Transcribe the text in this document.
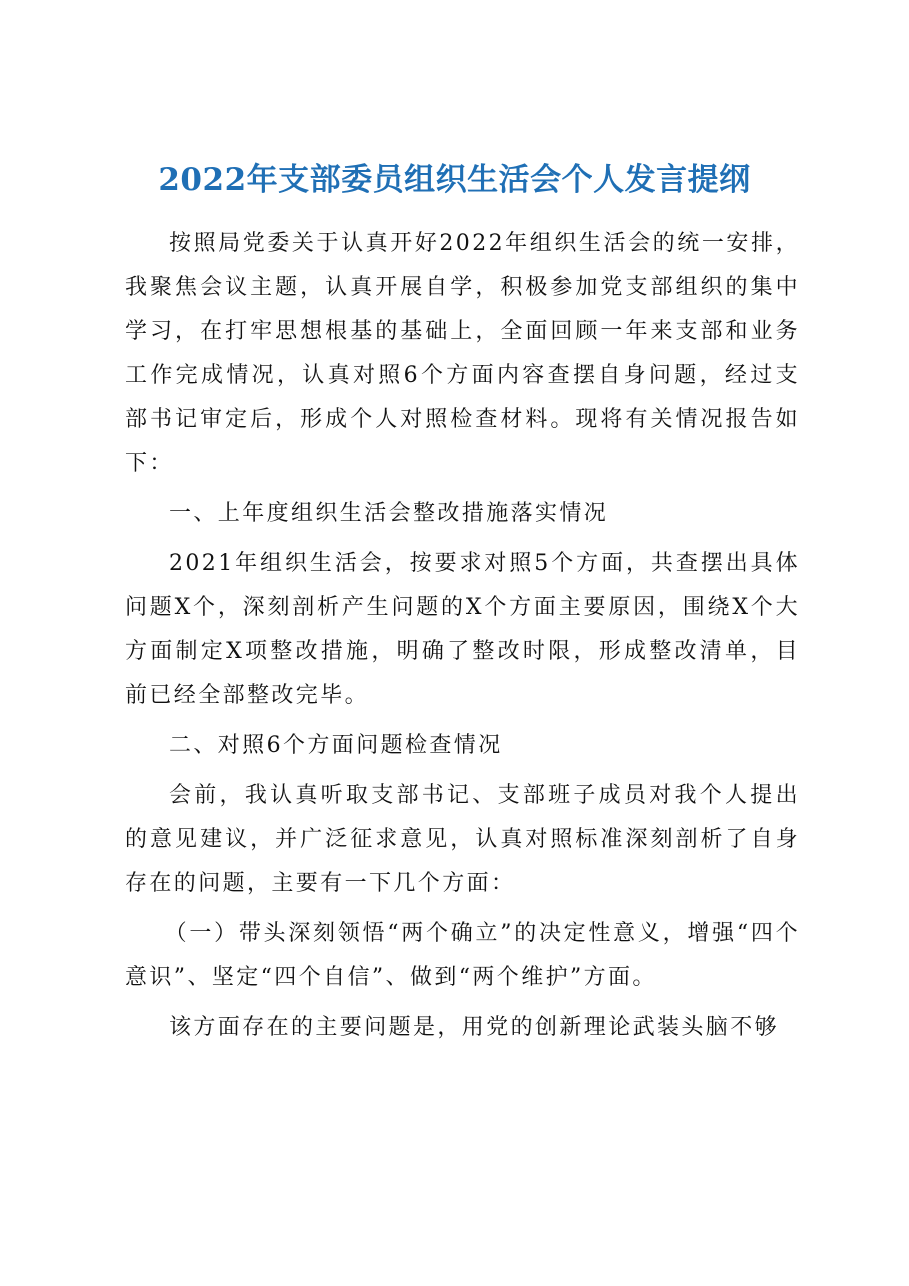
2022年支部委员组织生活会个人发言提纲

按照局党委关于认真开好2022年组织生活会的统一安排，我聚焦会议主题，认真开展自学，积极参加党支部组织的集中学习，在打牢思想根基的基础上，全面回顾一年来支部和业务工作完成情况，认真对照6个方面内容查摆自身问题，经过支部书记审定后，形成个人对照检查材料。现将有关情况报告如下：

一、上年度组织生活会整改措施落实情况

2021年组织生活会，按要求对照5个方面，共查摆出具体问题X个，深刻剖析产生问题的X个方面主要原因，围绕X个大方面制定X项整改措施，明确了整改时限，形成整改清单，目前已经全部整改完毕。

二、对照6个方面问题检查情况

会前，我认真听取支部书记、支部班子成员对我个人提出的意见建议，并广泛征求意见，认真对照标准深刻剖析了自身存在的问题，主要有一下几个方面：

（一）带头深刻领悟“两个确立”的决定性意义，增强“四个意识”、坚定“四个自信”、做到“两个维护”方面。

该方面存在的主要问题是，用党的创新理论武装头脑不够
